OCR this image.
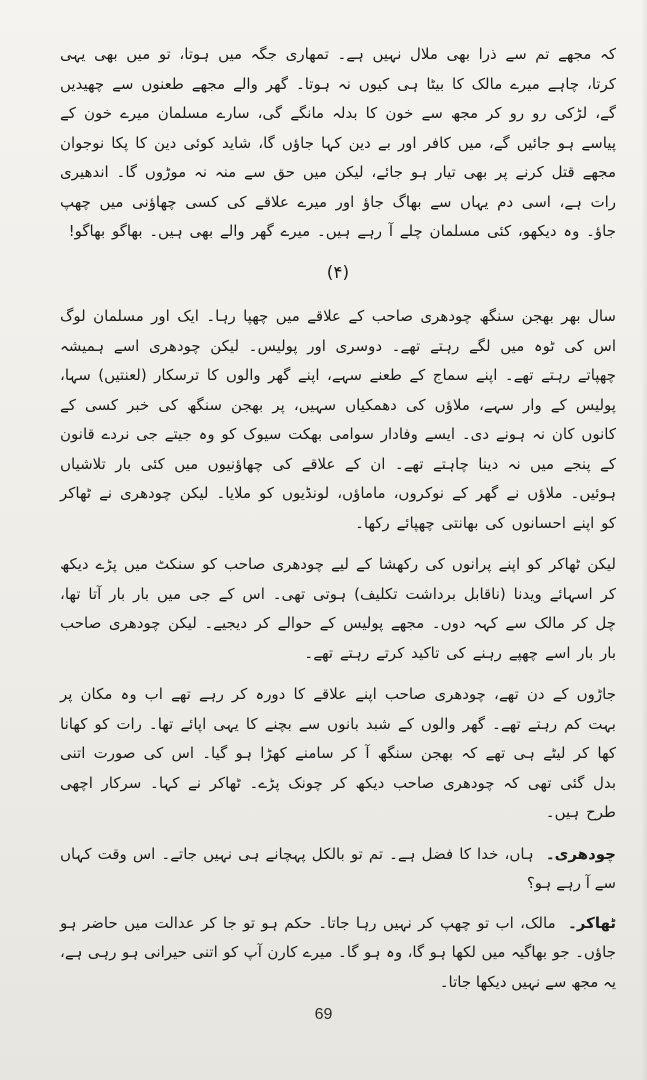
کہ مجھے تم سے ذرا بھی ملال نہیں ہے۔ تمھاری جگہ میں ہوتا، تو میں بھی یہی کرتا، چاہے میرے مالک کا بیٹا ہی کیوں نہ ہوتا۔ گھر والے مجھے طعنوں سے چھیدیں گے، لڑکی رو رو کر مجھ سے خون کا بدلہ مانگے گی، سارے مسلمان میرے خون کے پیاسے ہو جائیں گے، میں کافر اور بے دین کہا جاؤں گا، شاید کوئی دین کا پکا نوجوان مجھے قتل کرنے پر بھی تیار ہو جائے، لیکن میں حق سے منہ نہ موڑوں گا۔ اندھیری رات ہے، اسی دم یہاں سے بھاگ جاؤ اور میرے علاقے کی کسی چھاؤنی میں چھپ جاؤ۔ وہ دیکھو، کئی مسلمان چلے آ رہے ہیں۔ میرے گھر والے بھی ہیں۔ بھاگو بھاگو!

(۴)

سال بھر بھجن سنگھ چودھری صاحب کے علاقے میں چھپا رہا۔ ایک اور مسلمان لوگ اس کی ٹوہ میں لگے رہتے تھے۔ دوسری اور پولیس۔ لیکن چودھری اسے ہمیشہ چھپاتے رہتے تھے۔ اپنے سماج کے طعنے سہے، اپنے گھر والوں کا ترسکار (لعنتیں) سہا، پولیس کے وار سہے، ملاؤں کی دھمکیاں سہیں، پر بھجن سنگھ کی خبر کسی کے کانوں کان نہ ہونے دی۔ ایسے وفادار سوامی بھکت سیوک کو وہ جیتے جی نردے قانون کے پنجے میں نہ دینا چاہتے تھے۔ ان کے علاقے کی چھاؤنیوں میں کئی بار تلاشیاں ہوئیں۔ ملاؤں نے گھر کے نوکروں، ماماؤں، لونڈیوں کو ملایا۔ لیکن چودھری نے ٹھاکر کو اپنے احسانوں کی بھانتی چھپائے رکھا۔

لیکن ٹھاکر کو اپنے پرانوں کی رکھشا کے لیے چودھری صاحب کو سنکٹ میں پڑے دیکھ کر اسہائے ویدنا (ناقابل برداشت تکلیف) ہوتی تھی۔ اس کے جی میں بار بار آتا تھا، چل کر مالک سے کہہ دوں۔ مجھے پولیس کے حوالے کر دیجیے۔ لیکن چودھری صاحب بار بار اسے چھپے رہنے کی تاکید کرتے رہتے تھے۔

جاڑوں کے دن تھے، چودھری صاحب اپنے علاقے کا دورہ کر رہے تھے اب وہ مکان پر بہت کم رہتے تھے۔ گھر والوں کے شبد بانوں سے بچنے کا یہی اپائے تھا۔ رات کو کھانا کھا کر لیٹے ہی تھے کہ بھجن سنگھ آ کر سامنے کھڑا ہو گیا۔ اس کی صورت اتنی بدل گئی تھی کہ چودھری صاحب دیکھ کر چونک پڑے۔ ٹھاکر نے کہا۔ سرکار اچھی طرح ہیں۔

چودھری۔ ہاں، خدا کا فضل ہے۔ تم تو بالکل پہچانے ہی نہیں جاتے۔ اس وقت کہاں سے آ رہے ہو؟

ٹھاکر۔ مالک، اب تو چھپ کر نہیں رہا جاتا۔ حکم ہو تو جا کر عدالت میں حاضر ہو جاؤں۔ جو بھاگیہ میں لکھا ہو گا، وہ ہو گا۔ میرے کارن آپ کو اتنی حیرانی ہو رہی ہے، یہ مجھ سے نہیں دیکھا جاتا۔

69
